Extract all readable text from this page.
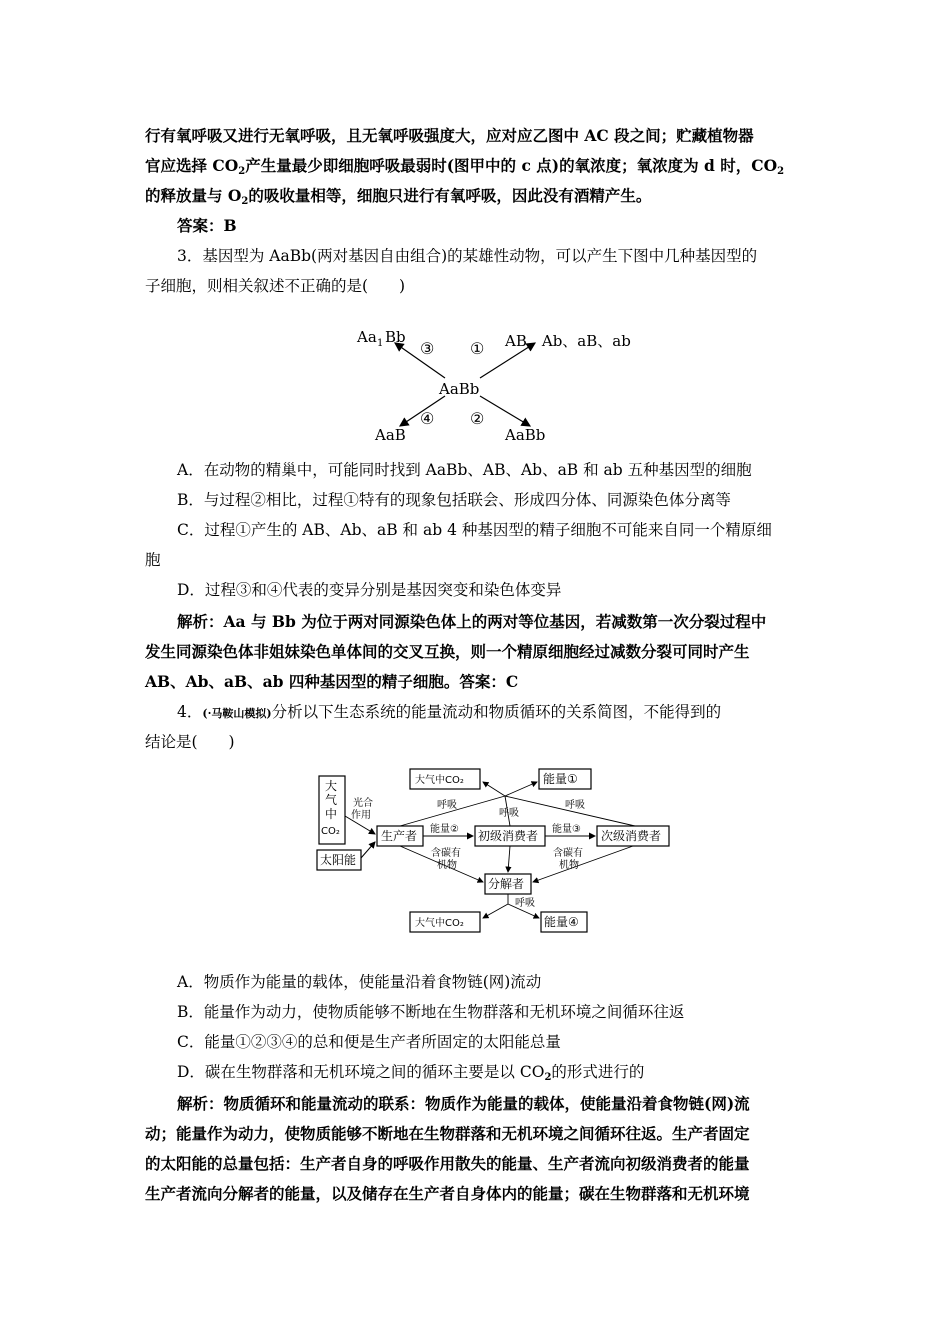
行有氧呼吸又进行无氧呼吸，且无氧呼吸强度大，应对应乙图中 AC 段之间；贮藏植物器
官应选择 $CO_2$产生量最少即细胞呼吸最弱时(图甲中的 c 点)的氧浓度；氧浓度为 d 时，$CO_2$
的释放量与 $O_2$的吸收量相等，细胞只进行有氧呼吸，因此没有酒精产生。
答案：B
3．基因型为 AaBb(两对基因自由组合)的某雄性动物，可以产生下图中几种基因型的
子细胞，则相关叙述不正确的是(　　)
AaBb
Aa 1 Bb	AB、Ab、aB、ab
AaB	AaBb
③ ①
④ ②
A．在动物的精巢中，可能同时找到 AaBb、AB、Ab、aB 和 ab 五种基因型的细胞
B．与过程②相比，过程①特有的现象包括联会、形成四分体、同源染色体分离等
C．过程①产生的 AB、Ab、aB 和 ab 4 种基因型的精子细胞不可能来自同一个精原细
胞
D．过程③和④代表的变异分别是基因突变和染色体变异
解析：Aa 与 Bb 为位于两对同源染色体上的两对等位基因，若减数第一次分裂过程中
发生同源染色体非姐妹染色单体间的交叉互换，则一个精原细胞经过减数分裂可同时产生
AB、Ab、aB、ab 四种基因型的精子细胞。答案：C
4．(·马鞍山模拟)分析以下生态系统的能量流动和物质循环的关系简图，不能得到的
结论是(　　)
大
气
中
CO₂
太阳能
光合
作用
生产者	初级消费者	次级消费者
大气中CO₂	能量①
分解者
大气中CO₂	能量④
呼吸
呼吸
呼吸
呼吸
能量②	能量③
含碳有
机物
含碳有
机物
A．物质作为能量的载体，使能量沿着食物链(网)流动
B．能量作为动力，使物质能够不断地在生物群落和无机环境之间循环往返
C．能量①②③④的总和便是生产者所固定的太阳能总量
D．碳在生物群落和无机环境之间的循环主要是以 $CO_2$的形式进行的
解析：物质循环和能量流动的联系：物质作为能量的载体，使能量沿着食物链(网)流
动；能量作为动力，使物质能够不断地在生物群落和无机环境之间循环往返。生产者固定
的太阳能的总量包括：生产者自身的呼吸作用散失的能量、生产者流向初级消费者的能量
生产者流向分解者的能量，以及储存在生产者自身体内的能量；碳在生物群落和无机环境
